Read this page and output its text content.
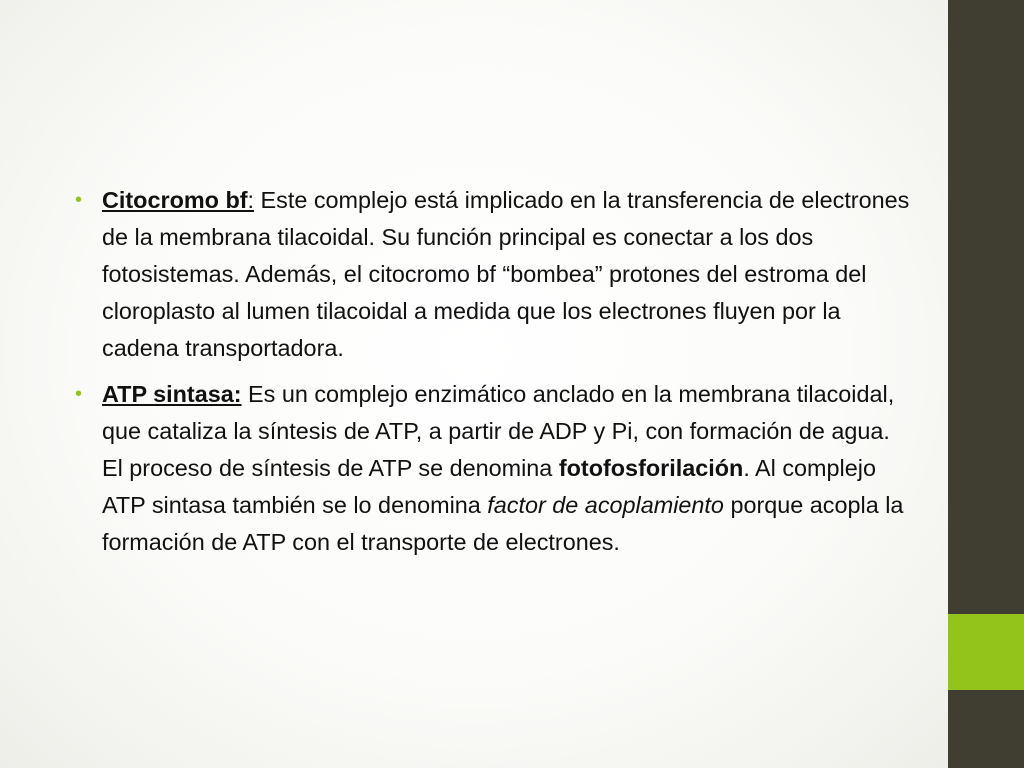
• Citocromo bf: Este complejo está implicado en la transferencia de electrones de la membrana tilacoidal. Su función principal es conectar a los dos fotosistemas. Además, el citocromo bf “bombea” protones del estroma del cloroplasto al lumen tilacoidal a medida que los electrones fluyen por la cadena transportadora.
• ATP sintasa: Es un complejo enzimático anclado en la membrana tilacoidal, que cataliza la síntesis de ATP, a partir de ADP y Pi, con formación de agua. El proceso de síntesis de ATP se denomina fotofosforilación. Al complejo ATP sintasa también se lo denomina factor de acoplamiento porque acopla la formación de ATP con el transporte de electrones.
